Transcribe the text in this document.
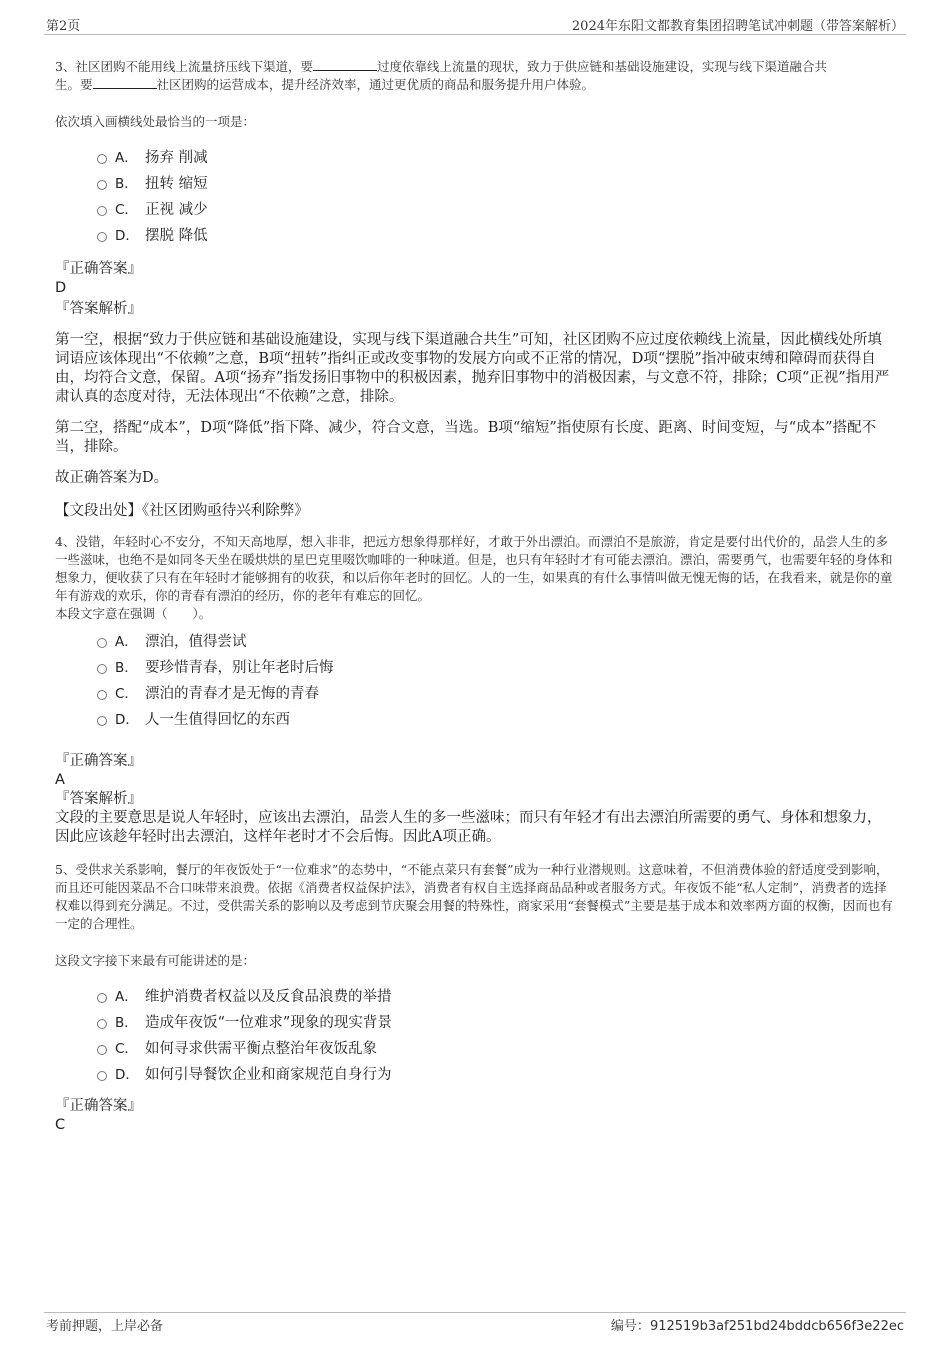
第2页	2024年东阳文都教育集团招聘笔试冲刺题（带答案解析）

3、社区团购不能用线上流量挤压线下渠道，要	过度依靠线上流量的现状，致力于供应链和基础设施建设，实现与线下渠道融合共
生。要	社区团购的运营成本，提升经济效率，通过更优质的商品和服务提升用户体验。

依次填入画横线处最恰当的一项是：

A． 扬弃 削减
B． 扭转 缩短
C． 正视 减少
D． 摆脱 降低

『正确答案』

D

『答案解析』

第一空，根据“致力于供应链和基础设施建设，实现与线下渠道融合共生”可知，社区团购不应过度依赖线上流量，因此横线处所填词语应该体现出“不依赖”之意，B项“扭转”指纠正或改变事物的发展方向或不正常的情况，D项“摆脱”指冲破束缚和障碍而获得自由，均符合文意，保留。A项“扬弃”指发扬旧事物中的积极因素，抛弃旧事物中的消极因素，与文意不符，排除；C项“正视”指用严肃认真的态度对待，无法体现出“不依赖”之意，排除。

第二空，搭配“成本”，D项“降低”指下降、减少，符合文意，当选。B项“缩短”指使原有长度、距离、时间变短，与“成本”搭配不当，排除。

故正确答案为D。

【文段出处】《社区团购亟待兴利除弊》

4、没错，年轻时心不安分，不知天高地厚，想入非非，把远方想象得那样好，才敢于外出漂泊。而漂泊不是旅游，肯定是要付出代价的，品尝人生的多一些滋味，也绝不是如同冬天坐在暖烘烘的星巴克里啜饮咖啡的一种味道。但是，也只有年轻时才有可能去漂泊。漂泊，需要勇气，也需要年轻的身体和想象力，便收获了只有在年轻时才能够拥有的收获，和以后你年老时的回忆。人的一生，如果真的有什么事情叫做无愧无悔的话，在我看来，就是你的童年有游戏的欢乐，你的青春有漂泊的经历，你的老年有难忘的回忆。

本段文字意在强调（　　）。

A． 漂泊，值得尝试
B． 要珍惜青春，别让年老时后悔
C． 漂泊的青春才是无悔的青春
D． 人一生值得回忆的东西

『正确答案』

A

『答案解析』

文段的主要意思是说人年轻时，应该出去漂泊，品尝人生的多一些滋味；而只有年轻才有出去漂泊所需要的勇气、身体和想象力，因此应该趁年轻时出去漂泊，这样年老时才不会后悔。因此A项正确。

5、受供求关系影响，餐厅的年夜饭处于“一位难求”的态势中，“不能点菜只有套餐”成为一种行业潜规则。这意味着，不但消费体验的舒适度受到影响，而且还可能因菜品不合口味带来浪费。依据《消费者权益保护法》，消费者有权自主选择商品品种或者服务方式。年夜饭不能“私人定制”，消费者的选择权难以得到充分满足。不过，受供需关系的影响以及考虑到节庆聚会用餐的特殊性，商家采用“套餐模式”主要是基于成本和效率两方面的权衡，因而也有一定的合理性。

这段文字接下来最有可能讲述的是：

A． 维护消费者权益以及反食品浪费的举措
B． 造成年夜饭“一位难求”现象的现实背景
C． 如何寻求供需平衡点整治年夜饭乱象
D． 如何引导餐饮企业和商家规范自身行为

『正确答案』

C

考前押题，上岸必备	编号：912519b3af251bd24bddcb656f3e22ec
